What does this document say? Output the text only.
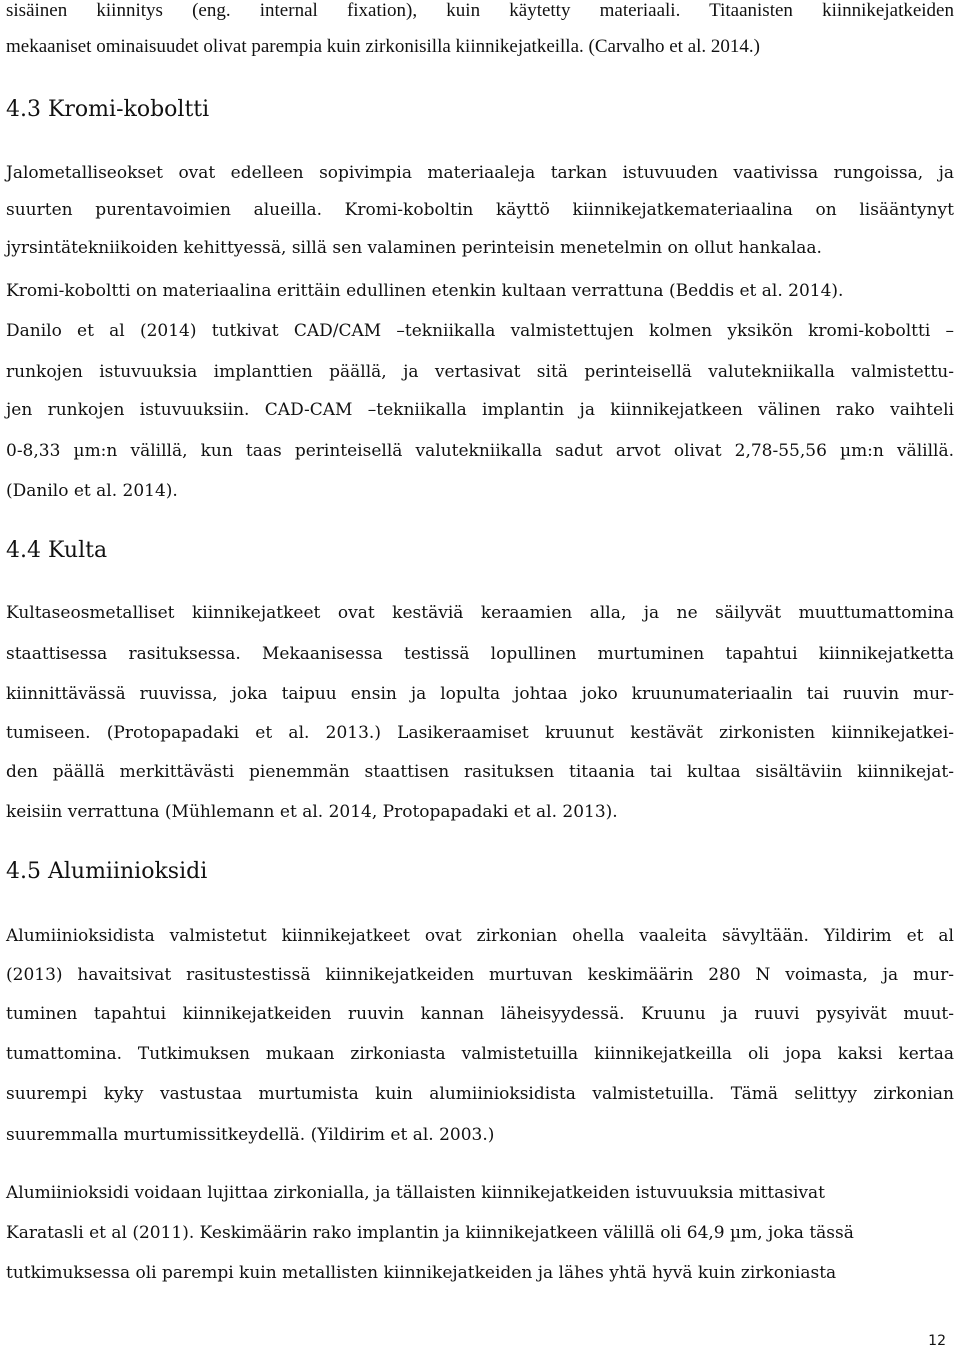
sisäinen kiinnitys (eng. internal fixation), kuin käytetty materiaali. Titaanisten kiinnikejatkeiden

mekaaniset ominaisuudet olivat parempia kuin zirkonisilla kiinnikejatkeilla. (Carvalho et al. 2014.)

4.3 Kromi-koboltti

Jalometalliseokset ovat edelleen sopivimpia materiaaleja tarkan istuvuuden vaativissa rungoissa, ja

suurten purentavoimien alueilla. Kromi-koboltin käyttö kiinnikejatkemateriaalina on lisääntynyt

jyrsintätekniikoiden kehittyessä, sillä sen valaminen perinteisin menetelmin on ollut hankalaa.

Kromi-koboltti on materiaalina erittäin edullinen etenkin kultaan verrattuna (Beddis et al. 2014).

Danilo et al (2014) tutkivat CAD/CAM –tekniikalla valmistettujen kolmen yksikön kromi-koboltti –

runkojen istuvuuksia implanttien päällä, ja vertasivat sitä perinteisellä valutekniikalla valmistettu-

jen runkojen istuvuuksiin. CAD-CAM –tekniikalla implantin ja kiinnikejatkeen välinen rako vaihteli

0-8,33 µm:n välillä, kun taas perinteisellä valutekniikalla sadut arvot olivat 2,78-55,56 µm:n välillä.

(Danilo et al. 2014).

4.4 Kulta

Kultaseosmetalliset kiinnikejatkeet ovat kestäviä keraamien alla, ja ne säilyvät muuttumattomina

staattisessa rasituksessa. Mekaanisessa testissä lopullinen murtuminen tapahtui kiinnikejatketta

kiinnittävässä ruuvissa, joka taipuu ensin ja lopulta johtaa joko kruunumateriaalin tai ruuvin mur-

tumiseen. (Protopapadaki et al. 2013.) Lasikeraamiset kruunut kestävät zirkonisten kiinnikejatkei-

den päällä merkittävästi pienemmän staattisen rasituksen titaania tai kultaa sisältäviin kiinnikejat-

keisiin verrattuna (Mühlemann et al. 2014, Protopapadaki et al. 2013).

4.5 Alumiinioksidi

Alumiinioksidista valmistetut kiinnikejatkeet ovat zirkonian ohella vaaleita sävyltään. Yildirim et al

(2013) havaitsivat rasitustestissä kiinnikejatkeiden murtuvan keskimäärin 280 N voimasta, ja mur-

tuminen tapahtui kiinnikejatkeiden ruuvin kannan läheisyydessä. Kruunu ja ruuvi pysyivät muut-

tumattomina. Tutkimuksen mukaan zirkoniasta valmistetuilla kiinnikejatkeilla oli jopa kaksi kertaa

suurempi kyky vastustaa murtumista kuin alumiinioksidista valmistetuilla. Tämä selittyy zirkonian

suuremmalla murtumissitkeydellä. (Yildirim et al. 2003.)

Alumiinioksidi voidaan lujittaa zirkonialla, ja tällaisten kiinnikejatkeiden istuvuuksia mittasivat

Karatasli et al (2011). Keskimäärin rako implantin ja kiinnikejatkeen välillä oli 64,9 µm, joka tässä

tutkimuksessa oli parempi kuin metallisten kiinnikejatkeiden ja lähes yhtä hyvä kuin zirkoniasta

12
